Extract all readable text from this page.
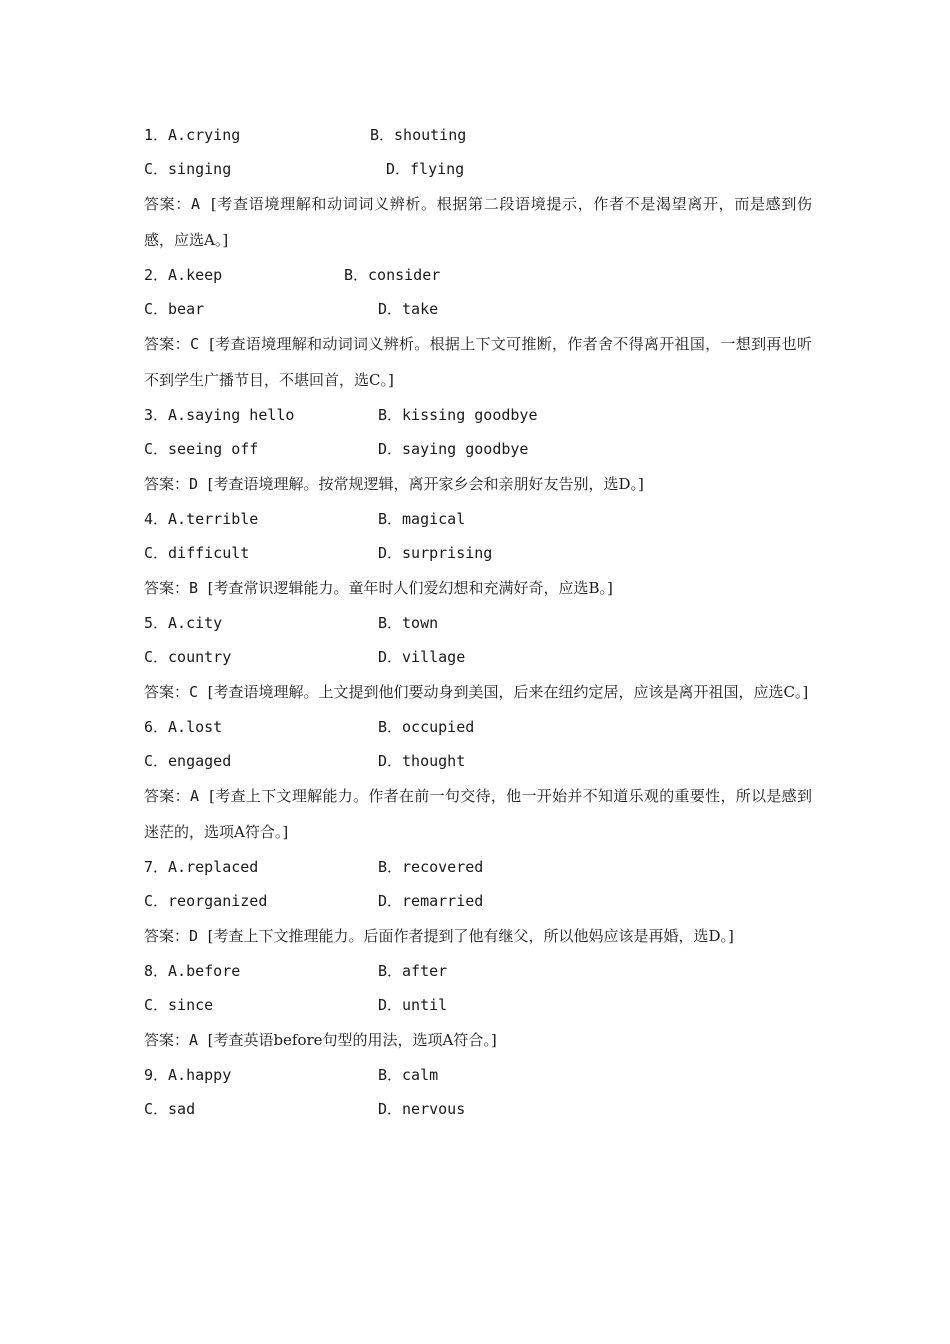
1．A.crying	B．shouting
C．singing	D．flying

答案：A [考查语境理解和动词词义辨析。根据第二段语境提示，作者不是渴望离开，而是感到伤感，应选A。]

2．A.keep	B．consider
C．bear	D．take

答案：C [考查语境理解和动词词义辨析。根据上下文可推断，作者舍不得离开祖国，一想到再也听不到学生广播节目，不堪回首，选C。]

3．A.saying hello	B．kissing goodbye
C．seeing off	D．saying goodbye

答案：D [考查语境理解。按常规逻辑，离开家乡会和亲朋好友告别，选D。]

4．A.terrible	B．magical
C．difficult	D．surprising

答案：B [考查常识逻辑能力。童年时人们爱幻想和充满好奇，应选B。]

5．A.city	B．town
C．country	D．village

答案：C [考查语境理解。上文提到他们要动身到美国，后来在纽约定居，应该是离开祖国，应选C。]

6．A.lost	B．occupied
C．engaged	D．thought

答案：A [考查上下文理解能力。作者在前一句交待，他一开始并不知道乐观的重要性，所以是感到迷茫的，选项A符合。]

7．A.replaced	B．recovered
C．reorganized	D．remarried

答案：D [考查上下文推理能力。后面作者提到了他有继父，所以他妈应该是再婚，选D。]

8．A.before	B．after
C．since	D．until

答案：A [考查英语before句型的用法，选项A符合。]

9．A.happy	B．calm
C．sad	D．nervous
